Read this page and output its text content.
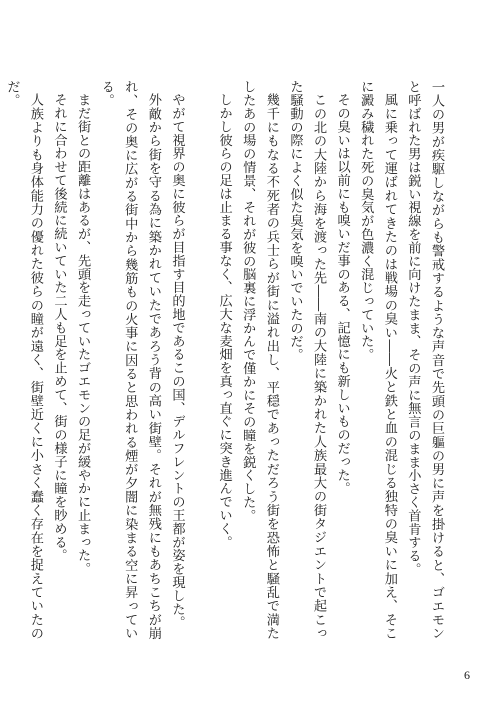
一人の男が疾駆しながらも警戒するような声音で先頭の巨軀の男に声を掛けると、ゴエモンと呼ばれた男は鋭い視線を前に向けたまま、その声に無言のまま小さく首肯する。

風に乗って運ばれてきたのは戦場の臭い――火と鉄と血の混じる独特の臭いに加え、そこに澱み穢れた死の臭気が色濃く混じっていた。

その臭いは以前にも嗅いだ事のある、記憶にも新しいものだった。

この北の大陸から海を渡った先――南の大陸に築かれた人族最大の街タジエントで起こった騒動の際によく似た臭気を嗅いでいたのだ。

幾千にもなる不死者の兵士らが街に溢れ出し、平穏であっただろう街を恐怖と騒乱で満たしたあの場の情景、それが彼の脳裏に浮かんで僅かにその瞳を鋭くした。

しかし彼らの足は止まる事なく、広大な麦畑を真っ直ぐに突き進んでいく。

やがて視界の奥に彼らが目指す目的地であるこの国、デルフレントの王都が姿を現した。

外敵から街を守る為に築かれていたであろう背の高い街壁。それが無残にもあちこちが崩れ、その奥に広がる街中から幾筋もの火事に因ると思われる煙が夕闇に染まる空に昇っている。

まだ街との距離はあるが、先頭を走っていたゴエモンの足が緩やかに止まった。

それに合わせて後続に続いていた二人も足を止めて、街の様子に瞳を眇める。

人族よりも身体能力の優れた彼らの瞳が遠く、街壁近くに小さく蠢く存在を捉えていたのだ。

6
